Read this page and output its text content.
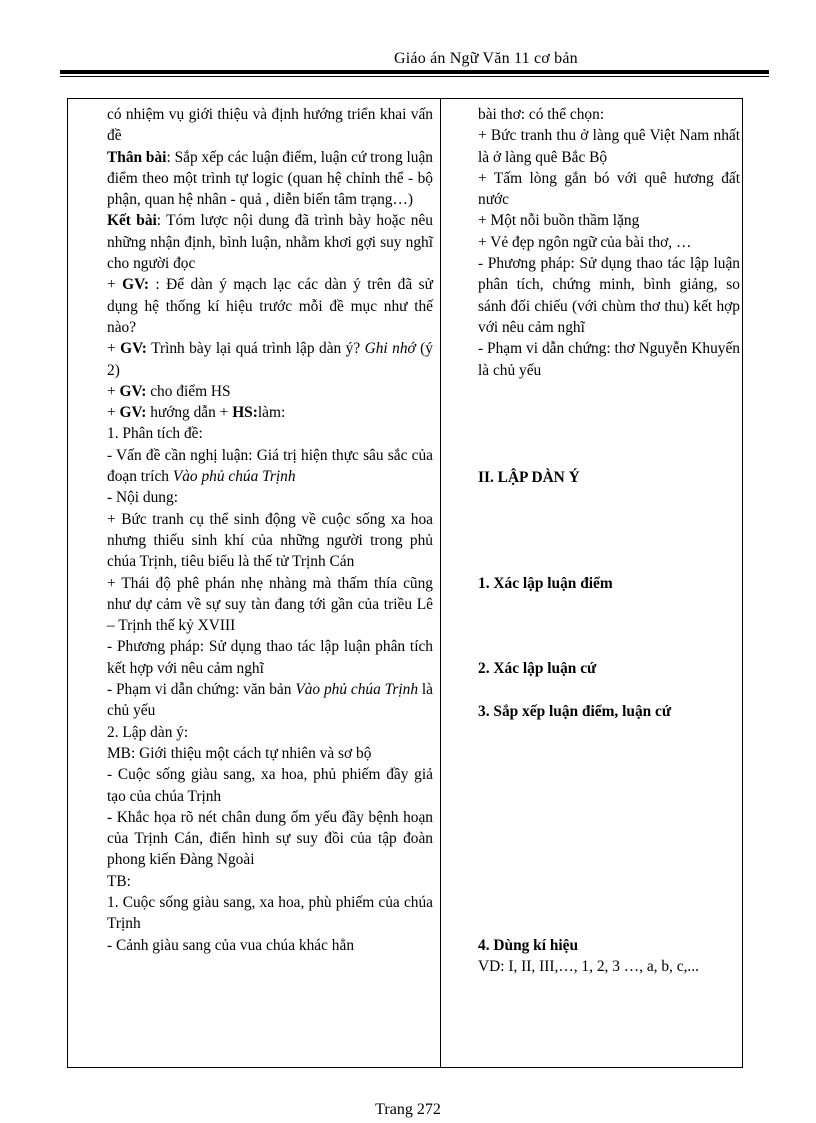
Giáo án Ngữ Văn 11 cơ bản

có nhiệm vụ giới thiệu và định hướng triển khai vấn đề

Thân bài: Sắp xếp các luận điểm, luận cứ trong luận điểm theo một trình tự logic (quan hệ chỉnh thể - bộ phận, quan hệ nhân - quả , diễn biến tâm trạng…)

Kết bài: Tóm lược nội dung đã trình bày hoặc nêu những nhận định, bình luận, nhằm khơi gợi suy nghĩ cho người đọc

+ GV: : Để dàn ý mạch lạc các dàn ý trên đã sử dụng hệ thống kí hiệu trước mỗi đề mục như thế nào?

+ GV: Trình bày lại quá trình lập dàn ý? Ghi nhớ (ý 2)

+ GV: cho điểm HS

+ GV: hướng dẫn + HS:làm:

1. Phân tích đề:

- Vấn đề cần nghị luận: Giá trị hiện thực sâu sắc của đoạn trích Vào phủ chúa Trịnh

- Nội dung:

+ Bức tranh cụ thể sinh động về cuộc sống xa hoa nhưng thiếu sinh khí của những người trong phủ chúa Trịnh, tiêu biểu là thế tử Trịnh Cán

+ Thái độ phê phán nhẹ nhàng mà thấm thía cũng như dự cảm về sự suy tàn đang tới gần của triều Lê – Trịnh thế kỷ XVIII

- Phương pháp: Sử dụng thao tác lập luận phân tích kết hợp với nêu cảm nghĩ

- Phạm vi dẫn chứng: văn bản Vào phủ chúa Trịnh là chủ yếu

2. Lập dàn ý:

MB: Giới thiệu một cách tự nhiên và sơ bộ

- Cuộc sống giàu sang, xa hoa, phủ phiếm đầy giả tạo của chúa Trịnh

- Khắc họa rõ nét chân dung ốm yếu đầy bệnh hoạn của Trịnh Cán, điển hình sự suy đồi của tập đoàn phong kiến Đàng Ngoài

TB:

1. Cuộc sống giàu sang, xa hoa, phù phiếm của chúa Trịnh

- Cảnh giàu sang của vua chúa khác hẳn

bài thơ: có thể chọn:

+ Bức tranh thu ở làng quê Việt Nam nhất là ở làng quê Bắc Bộ

+ Tấm lòng gắn bó với quê hương đất nước

+ Một nỗi buồn thầm lặng

+ Vẻ đẹp ngôn ngữ của bài thơ, …

- Phương pháp: Sử dụng thao tác lập luận phân tích, chứng minh, bình giảng, so sánh đối chiếu (với chùm thơ thu) kết hợp với nêu cảm nghĩ

- Phạm vi dẫn chứng: thơ Nguyễn Khuyến là chủ yếu

II. LẬP DÀN Ý

1. Xác lập luận điểm

2. Xác lập luận cứ

3. Sắp xếp luận điểm, luận cứ

4. Dùng kí hiệu

VD: I, II, III,…, 1, 2, 3 …, a, b, c,...

Trang 272
